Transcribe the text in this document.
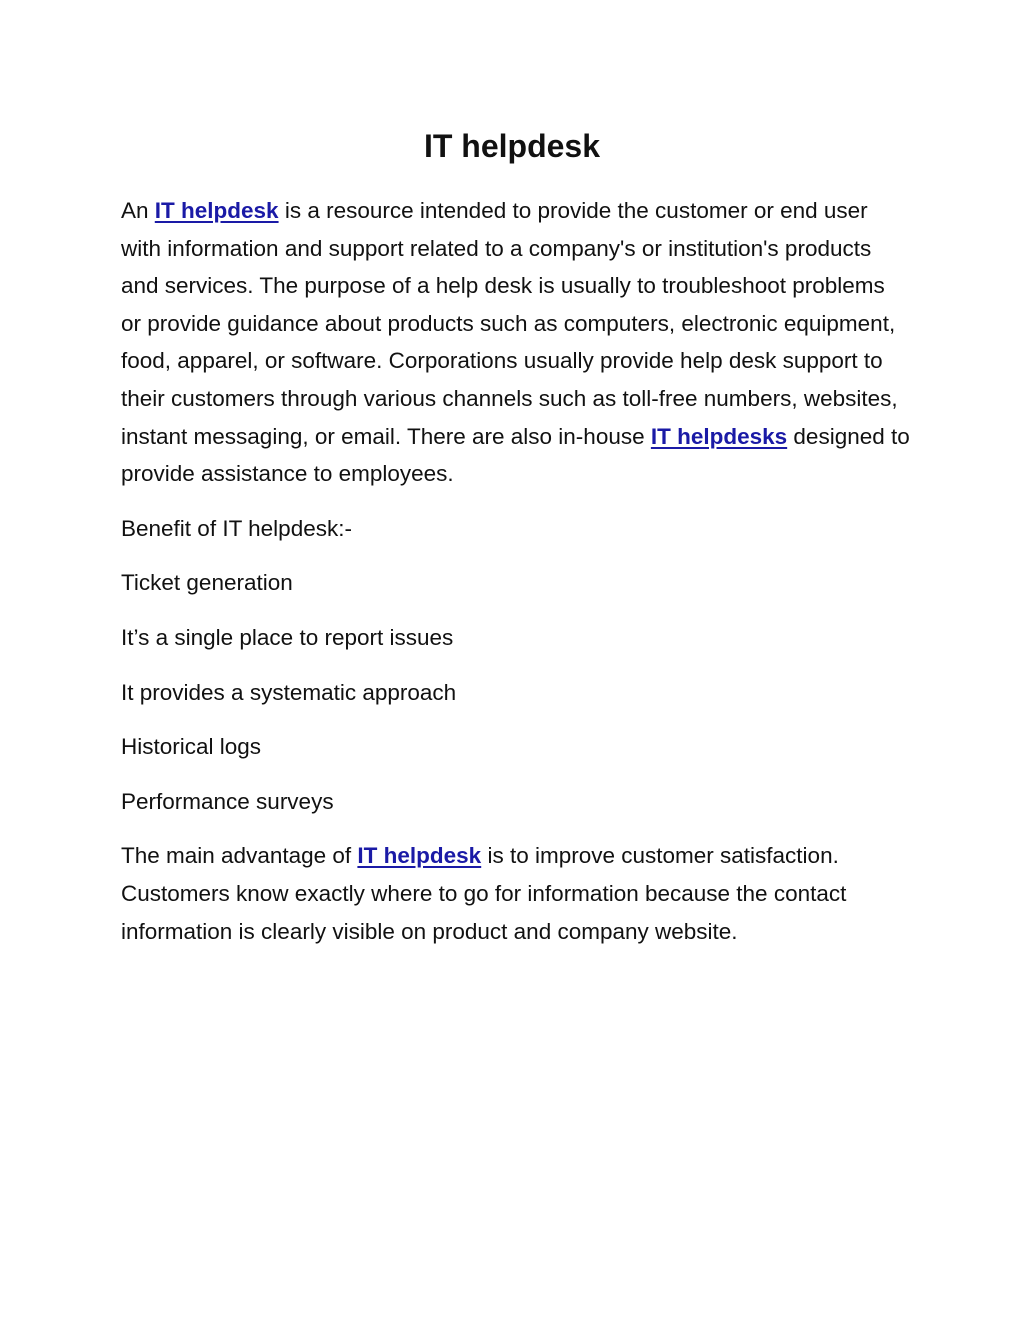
IT helpdesk

An IT helpdesk is a resource intended to provide the customer or end user with information and support related to a company's or institution's products and services. The purpose of a help desk is usually to troubleshoot problems or provide guidance about products such as computers, electronic equipment, food, apparel, or software. Corporations usually provide help desk support to their customers through various channels such as toll-free numbers, websites, instant messaging, or email. There are also in-house IT helpdesks designed to provide assistance to employees.

Benefit of IT helpdesk:-

Ticket generation

It’s a single place to report issues

It provides a systematic approach

Historical logs

Performance surveys

The main advantage of IT helpdesk is to improve customer satisfaction. Customers know exactly where to go for information because the contact information is clearly visible on product and company website.
